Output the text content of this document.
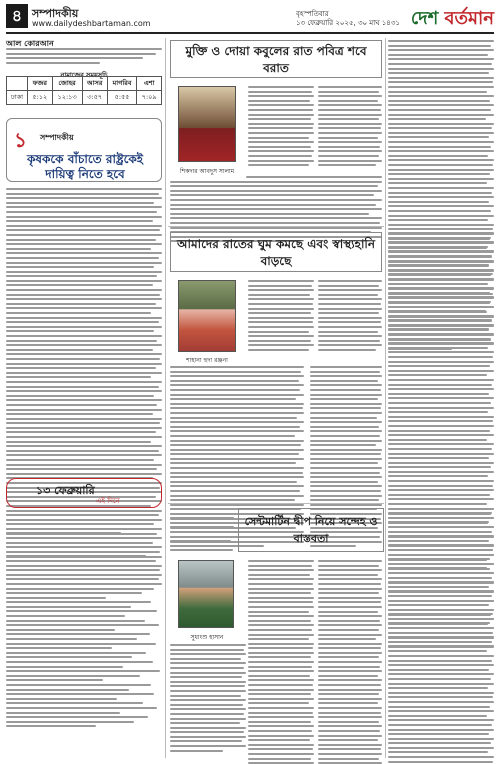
৪ সম্পাদকীয়
www.dailydeshbartaman.com
বৃহস্পতিবার
১৩ ফেব্রুয়ারি ২০২৫, ৩০ মাঘ ১৪৩১ দেশ বর্তমান
আল কোরআন
নামাজের সময়সূচি
	ফজর	জোহর	আসর	মাগরিব	এশা
ঢাকা	৫:১২	১২:১৩	৩:৫৭	৫:৫৫	৭:০৯
১ সম্পাদকীয়
কৃষককে বাঁচাতে রাষ্ট্রকেই দায়িত্ব নিতে হবে
১৩ ফেব্রুয়ারি
এই দিনে
মুক্তি ও দোয়া কবুলের রাত পবিত্র শবে বরাত
শিকদার আবদুস সালাম
আমাদের রাতের ঘুম কমছে এবং স্বাস্থ্যহানি বাড়ছে
শাহানা হুদা রঞ্জনা
সেন্টমার্টিন দ্বীপ নিয়ে সন্দেহ ও বাস্তবতা
সুধাংশু হাসান
